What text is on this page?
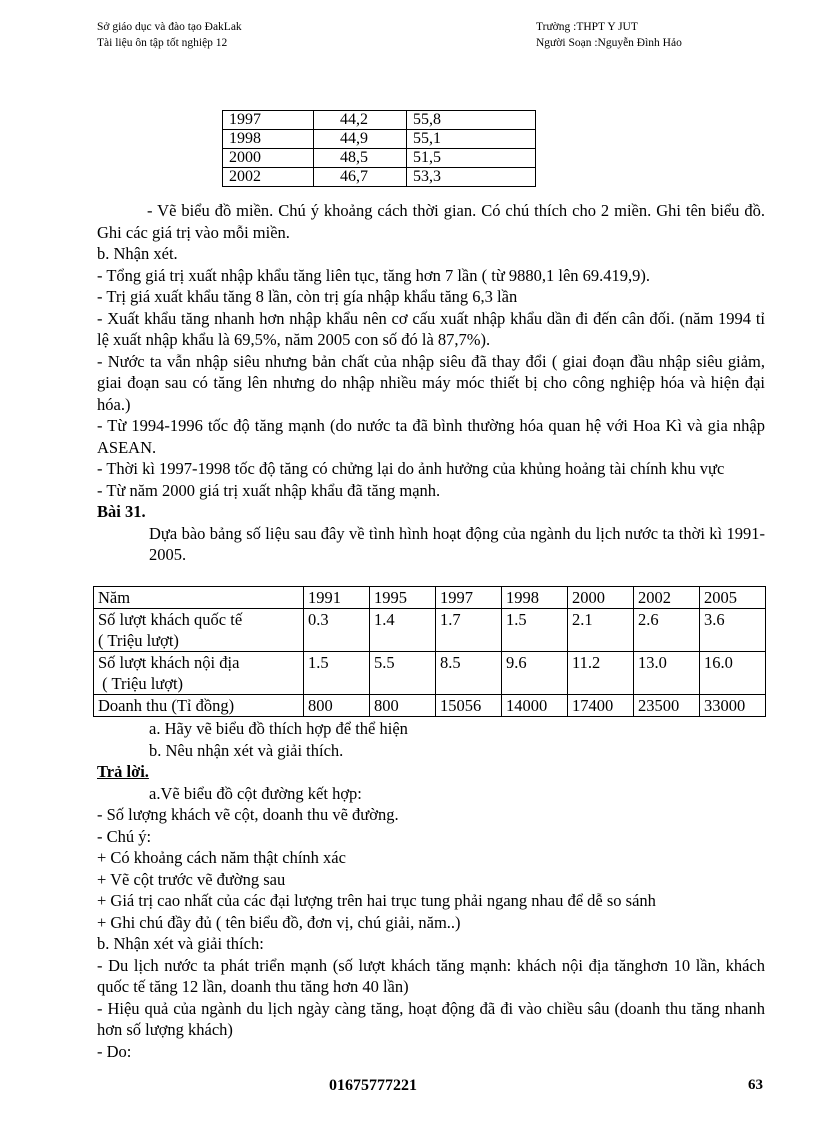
Sở giáo dục và đào tạo ĐakLak
Tài liệu ôn tập tốt nghiệp 12
Trường :THPT Y JUT
Người Soạn :Nguyễn Đình Hảo
1997	44,2	55,8
1998	44,9	55,1
2000	48,5	51,5
2002	46,7	53,3

- Vẽ biểu đồ miền. Chú ý khoảng cách thời gian. Có chú thích cho 2 miền. Ghi tên biểu đồ. Ghi các giá trị vào mỗi miền.

b. Nhận xét.

- Tổng giá trị xuất nhập khẩu tăng liên tục, tăng hơn 7 lần ( từ 9880,1 lên 69.419,9).

- Trị giá xuất khẩu tăng 8 lần, còn trị gía nhập khẩu tăng 6,3 lần

- Xuất khẩu tăng nhanh hơn nhập khẩu nên cơ cấu xuất nhập khẩu dần đi đến cân đối. (năm 1994 tỉ lệ xuất nhập khẩu là 69,5%, năm 2005 con số đó là 87,7%).

- Nước ta vẫn nhập siêu nhưng bản chất của nhập siêu đã thay đổi ( giai đoạn đầu nhập siêu giảm, giai đoạn sau có tăng lên nhưng do nhập nhiều máy móc thiết bị cho công nghiệp hóa và hiện đại hóa.)

- Từ 1994-1996 tốc độ tăng mạnh (do nước ta đã bình thường hóa quan hệ với Hoa Kì và gia nhập ASEAN.

- Thời kì 1997-1998 tốc độ tăng có chửng lại do ảnh hưởng của khủng hoảng tài chính khu vực

- Từ năm 2000 giá trị xuất nhập khẩu đã tăng mạnh.

Bài 31.

Dựa bào bảng số liệu sau đây về tình hình hoạt động của ngành du lịch nước ta thời kì 1991-2005.

Năm	1991	1995	1997	1998	2000	2002	2005

Số lượt khách quốc tế
( Triệu lượt)	0.3	1.4	1.7	1.5	2.1	2.6	3.6

Số lượt khách nội địa
( Triệu lượt)	1.5	5.5	8.5	9.6	11.2	13.0	16.0
Doanh thu (Tỉ đồng)	800	800	15056	14000	17400	23500	33000

a. Hãy vẽ biểu đồ thích hợp để thể hiện

b. Nêu nhận xét và giải thích.

Trả lời.

a.Vẽ biểu đồ cột đường kết hợp:

- Số lượng khách vẽ cột, doanh thu vẽ đường.

- Chú ý:

+ Có khoảng cách năm thật chính xác

+ Vẽ cột trước vẽ đường sau

+ Giá trị cao nhất của các đại lượng trên hai trục tung phải ngang nhau để dễ so sánh

+ Ghi chú đầy đủ ( tên biểu đồ, đơn vị, chú giải, năm..)

b. Nhận xét và giải thích:

- Du lịch nước ta phát triển mạnh (số lượt khách tăng mạnh: khách nội địa tănghơn 10 lần, khách quốc tế tăng 12 lần, doanh thu tăng hơn 40 lần)

- Hiệu quả của ngành du lịch ngày càng tăng, hoạt động đã đi vào chiều sâu (doanh thu tăng nhanh hơn số lượng khách)

- Do:

01675777221	63
